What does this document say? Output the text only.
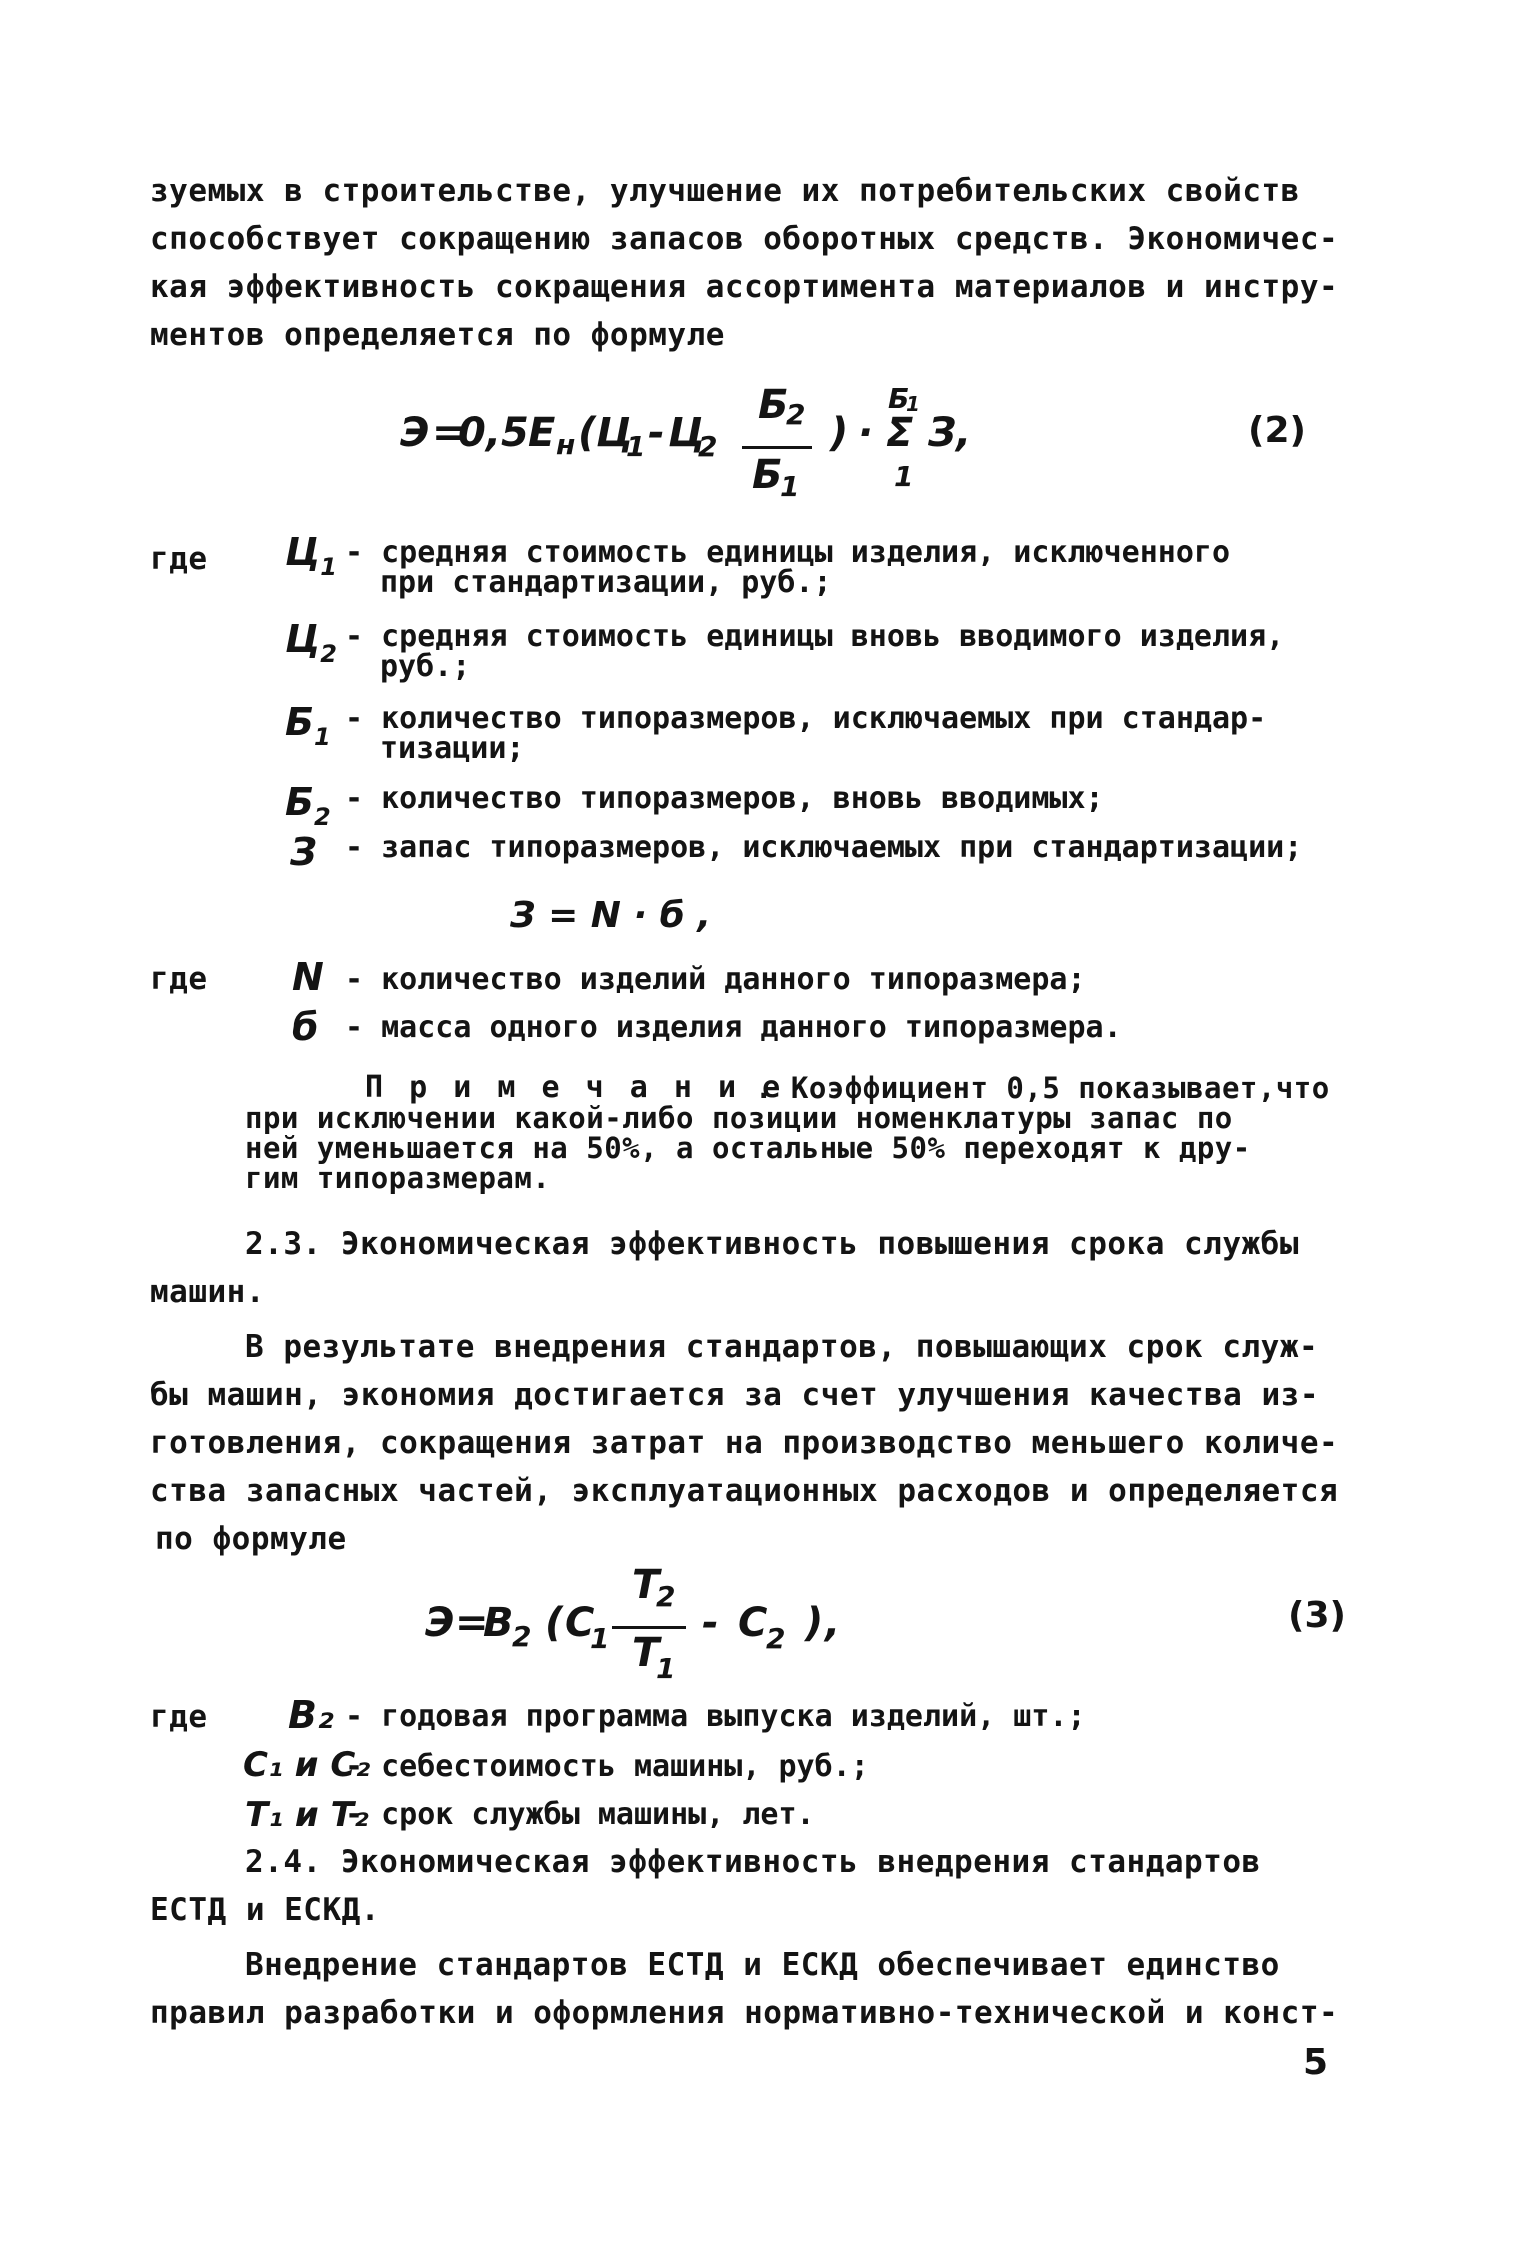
зуемых в строительстве, улучшение их потребительских свойств
способствует сокращению запасов оборотных средств. Экономичес-
кая эффективность сокращения ассортимента материалов и инстру-
ментов определяется по формуле
Э =
0,5 Е н ( Ц
1 - Ц
2
Б
2
Б
1
) ·
Б
1
Σ
1
З ,	(2)
где $Ц_1$ - средняя стоимость единицы изделия, исключенного
при стандартизации, руб.;
$Ц_2$ - средняя стоимость единицы вновь вводимого изделия,
руб.;
$Б_1$
- количество типоразмеров, исключаемых при стандар-
тизации;
$Б_2$
- количество типоразмеров, вновь вводимых;
З - запас типоразмеров, исключаемых при стандартизации;
З = N · б ,
где N - количество изделий данного типоразмера;
б - масса одного изделия данного типоразмера.
П р и м е ч а н и е
. Коэффициент 0,5 показывает,что
при исключении какой-либо позиции номенклатуры запас по
ней уменьшается на 50%, а остальные 50% переходят к дру-
гим типоразмерам.
2.3. Экономическая эффективность повышения срока службы
машин.
В результате внедрения стандартов, повышающих срок служ-
бы машин, экономия достигается за счет улучшения качества из-
готовления, сокращения затрат на производство меньшего количе-
ства запасных частей, эксплуатационных расходов и определяется
по формуле
Э =
В
2 ( С
1
Т
2
Т
1
- С
2 ) ,	(3)
где В₂ - годовая программа выпуска изделий, шт.;
С₁ и С₂
- себестоимость машины, руб.;
Т₁ и Т₂
- срок службы машины, лет.
2.4. Экономическая эффективность внедрения стандартов
ЕСТД и ЕСКД.
Внедрение стандартов ЕСТД и ЕСКД обеспечивает единство
правил разработки и оформления нормативно-технической и конст-
5
